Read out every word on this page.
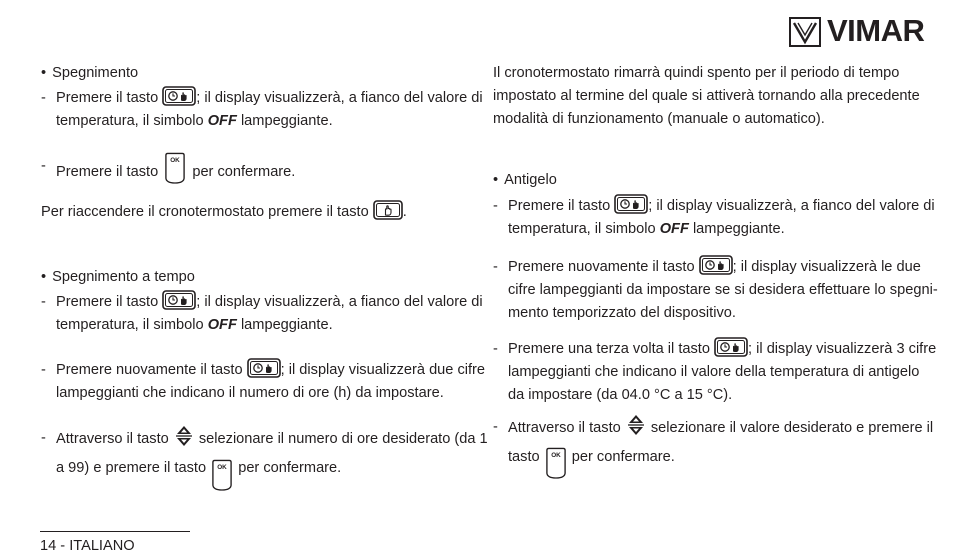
VIMAR
• Spegnimento

- Premere il tasto	; il display visualizzerà, a fianco del valore di temperatura, il simbolo OFF lampeggiante.

- Premere il tasto per confermare.

Per riaccendere il cronotermostato premere il tasto .
• Spegnimento a tempo

- Premere il tasto	; il display visualizzerà, a fianco del valore di temperatura, il simbolo OFF lampeggiante.

- Premere nuovamente il tasto	; il display visualizzerà due cifre lampeggianti che indicano il numero di ore (h) da impostare.

- Attraverso il tasto selezionare il numero di ore desiderato (da 1 a 99) e premere il tasto per confermare.

Il cronotermostato rimarrà quindi spento per il periodo di tempo impostato al termine del quale si attiverà tornando alla precedente modalità di funzionamento (manuale o automatico).
• Antigelo

- Premere il tasto	; il display visualizzerà, a fianco del valore di temperatura, il simbolo OFF lampeggiante.

- Premere nuovamente il tasto	; il display visualizzerà le due cifre lampeggianti da impostare se si desidera effettuare lo spegni-mento temporizzato del dispositivo.

- Premere una terza volta il tasto	; il display visualizzerà 3 cifre lampeggianti che indicano il valore della temperatura di antigelo da impostare (da 04.0 °C a 15 °C).

- Attraverso il tasto selezionare il valore desiderato e premere il tasto per confermare.

14 - ITALIANO
